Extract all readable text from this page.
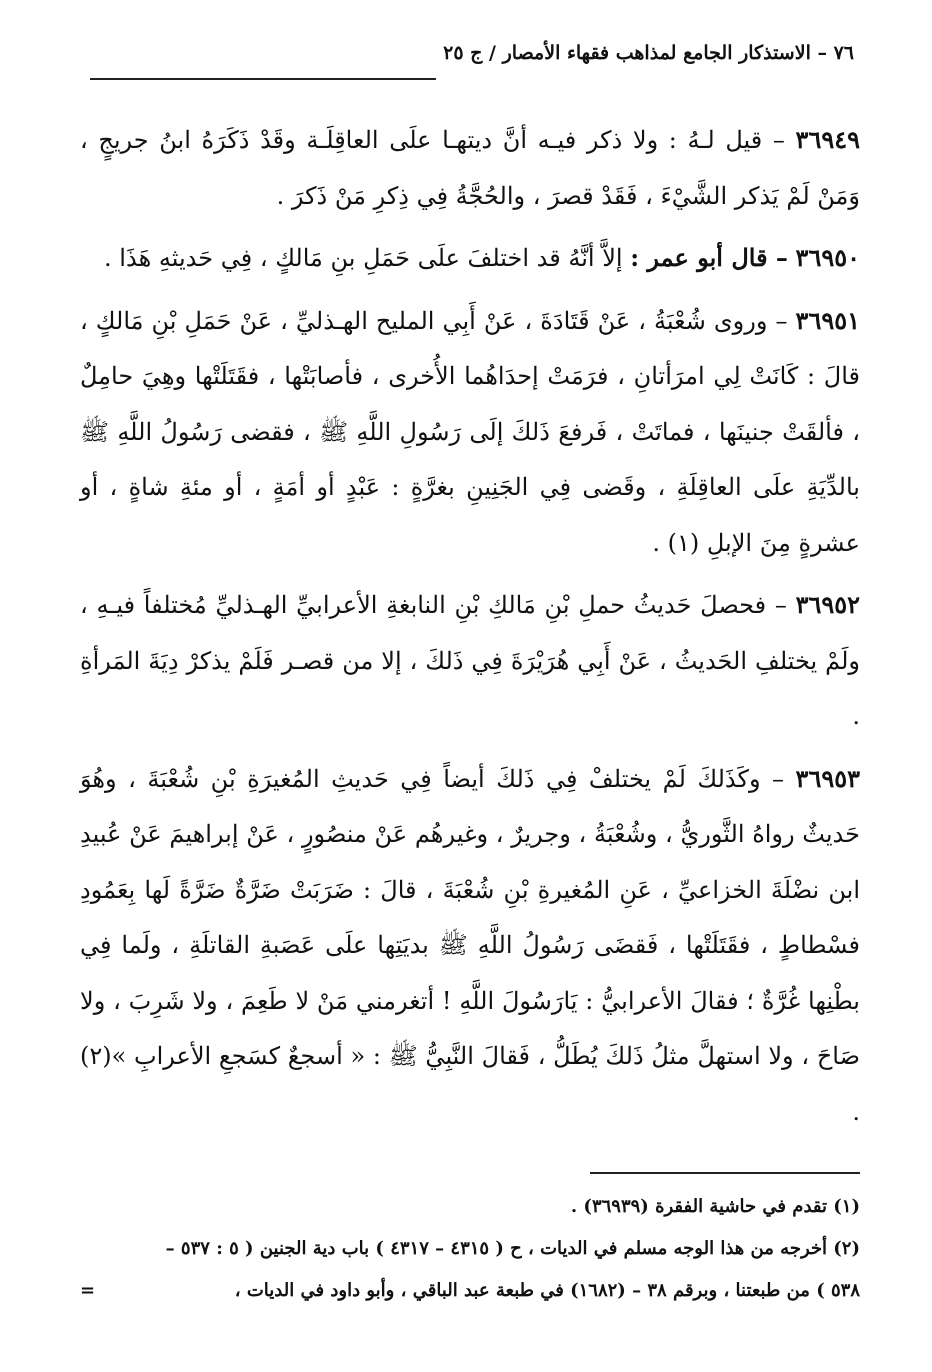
٧٦ – الاستذكار الجامع لمذاهب فقهاء الأمصار / ج ٢٥

٣٦٩٤٩ – قيل لـهُ : ولا ذكر فيـه أنَّ ديتهـا علَى العاقِلَـة وقَدْ ذَكَرَهُ ابنُ جريجٍ ، وَمَنْ لَمْ يَذكر الشَّيْءَ ، فَقَدْ قصرَ ، والحُجَّةُ فِي ذِكرِ مَنْ ذَكرَ .

٣٦٩٥٠ – قال أبو عمر : إلاَّ أنَّهُ قد اختلفَ علَى حَمَلِ بنِ مَالكٍ ، فِي حَديثهِ هَذَا .

٣٦٩٥١ – وروى شُعْبَةُ ، عَنْ قَتَادَةَ ، عَنْ أَبِي المليح الهـذليِّ ، عَنْ حَمَلِ بْنِ مَالكٍ ، قالَ : كَانَتْ لِي امرَأتانِ ، فرَمَتْ إحدَاهُما الأُخرى ، فأصابَتْها ، فقَتَلَتْها وهِيَ حامِلٌ ، فألقَتْ جنينَها ، فماتَتْ ، فَرفعَ ذَلكَ إلَى رَسُولِ اللَّهِ ﷺ ، فقضى رَسُولُ اللَّهِ ﷺ بالدِّيَةِ علَى العاقِلَةِ ، وقَضى فِي الجَنِينِ بغرَّةٍ : عَبْدٍ أو أمَةٍ ، أو مئةِ شاةٍ ، أو عشرةٍ مِنَ الإبلِ (١) .

٣٦٩٥٢ – فحصلَ حَديثُ حملِ بْنِ مَالكِ بْنِ النابغةِ الأعرابيِّ الهـذليِّ مُختلفاً فيـهِ ، ولَمْ يختلفِ الحَديثُ ، عَنْ أَبِي هُرَيْرَةَ فِي ذَلكَ ، إلا من قصـر فَلَمْ يذكرْ دِيَةَ المَرأةِ .

٣٦٩٥٣ – وكَذَلكَ لَمْ يختلفْ فِي ذَلكَ أيضاً فِي حَديثِ المُغيرَةِ بْنِ شُعْبَةَ ، وهُوَ حَديثٌ رواهُ الثَّوريُّ ، وشُعْبَةُ ، وجريرٌ ، وغيرهُم عَنْ منصُورٍ ، عَنْ إبراهيمَ عَنْ عُبيدِ ابن نضْلَةَ الخزاعيِّ ، عَنِ المُغيرةِ بْنِ شُعْبَةَ ، قالَ : ضَرَبَتْ ضَرَّةٌ ضَرَّةً لَها بِعَمُودِ فسْطاطٍ ، فقَتَلَتْها ، فَقضَى رَسُولُ اللَّهِ ﷺ بديَتِها علَى عَصَبةِ القاتلَةِ ، ولَما فِي بطْنِها غُرَّةٌ ؛ فقالَ الأعرابيُّ : يَارَسُولَ اللَّهِ ! أتغرمني مَنْ لا طَعِمَ ، ولا شَرِبَ ، ولا صَاحَ ، ولا استهلَّ مثلُ ذَلكَ يُطَلُّ ، فَقالَ النَّبِيُّ ﷺ : « أسجعٌ كسَجعِ الأعرابِ »(٢) .

(١) تقدم في حاشية الفقرة (٣٦٩٣٩) .

(٢) أخرجه من هذا الوجه مسلم في الديات ، ح ( ٤٣١٥ – ٤٣١٧ ) باب دية الجنين ( ٥ : ٥٣٧ –

٥٣٨ ) من طبعتنا ، وبرقم ٣٨ – (١٦٨٢) في طبعة عبد الباقي ، وأبو داود في الديات ،
=
